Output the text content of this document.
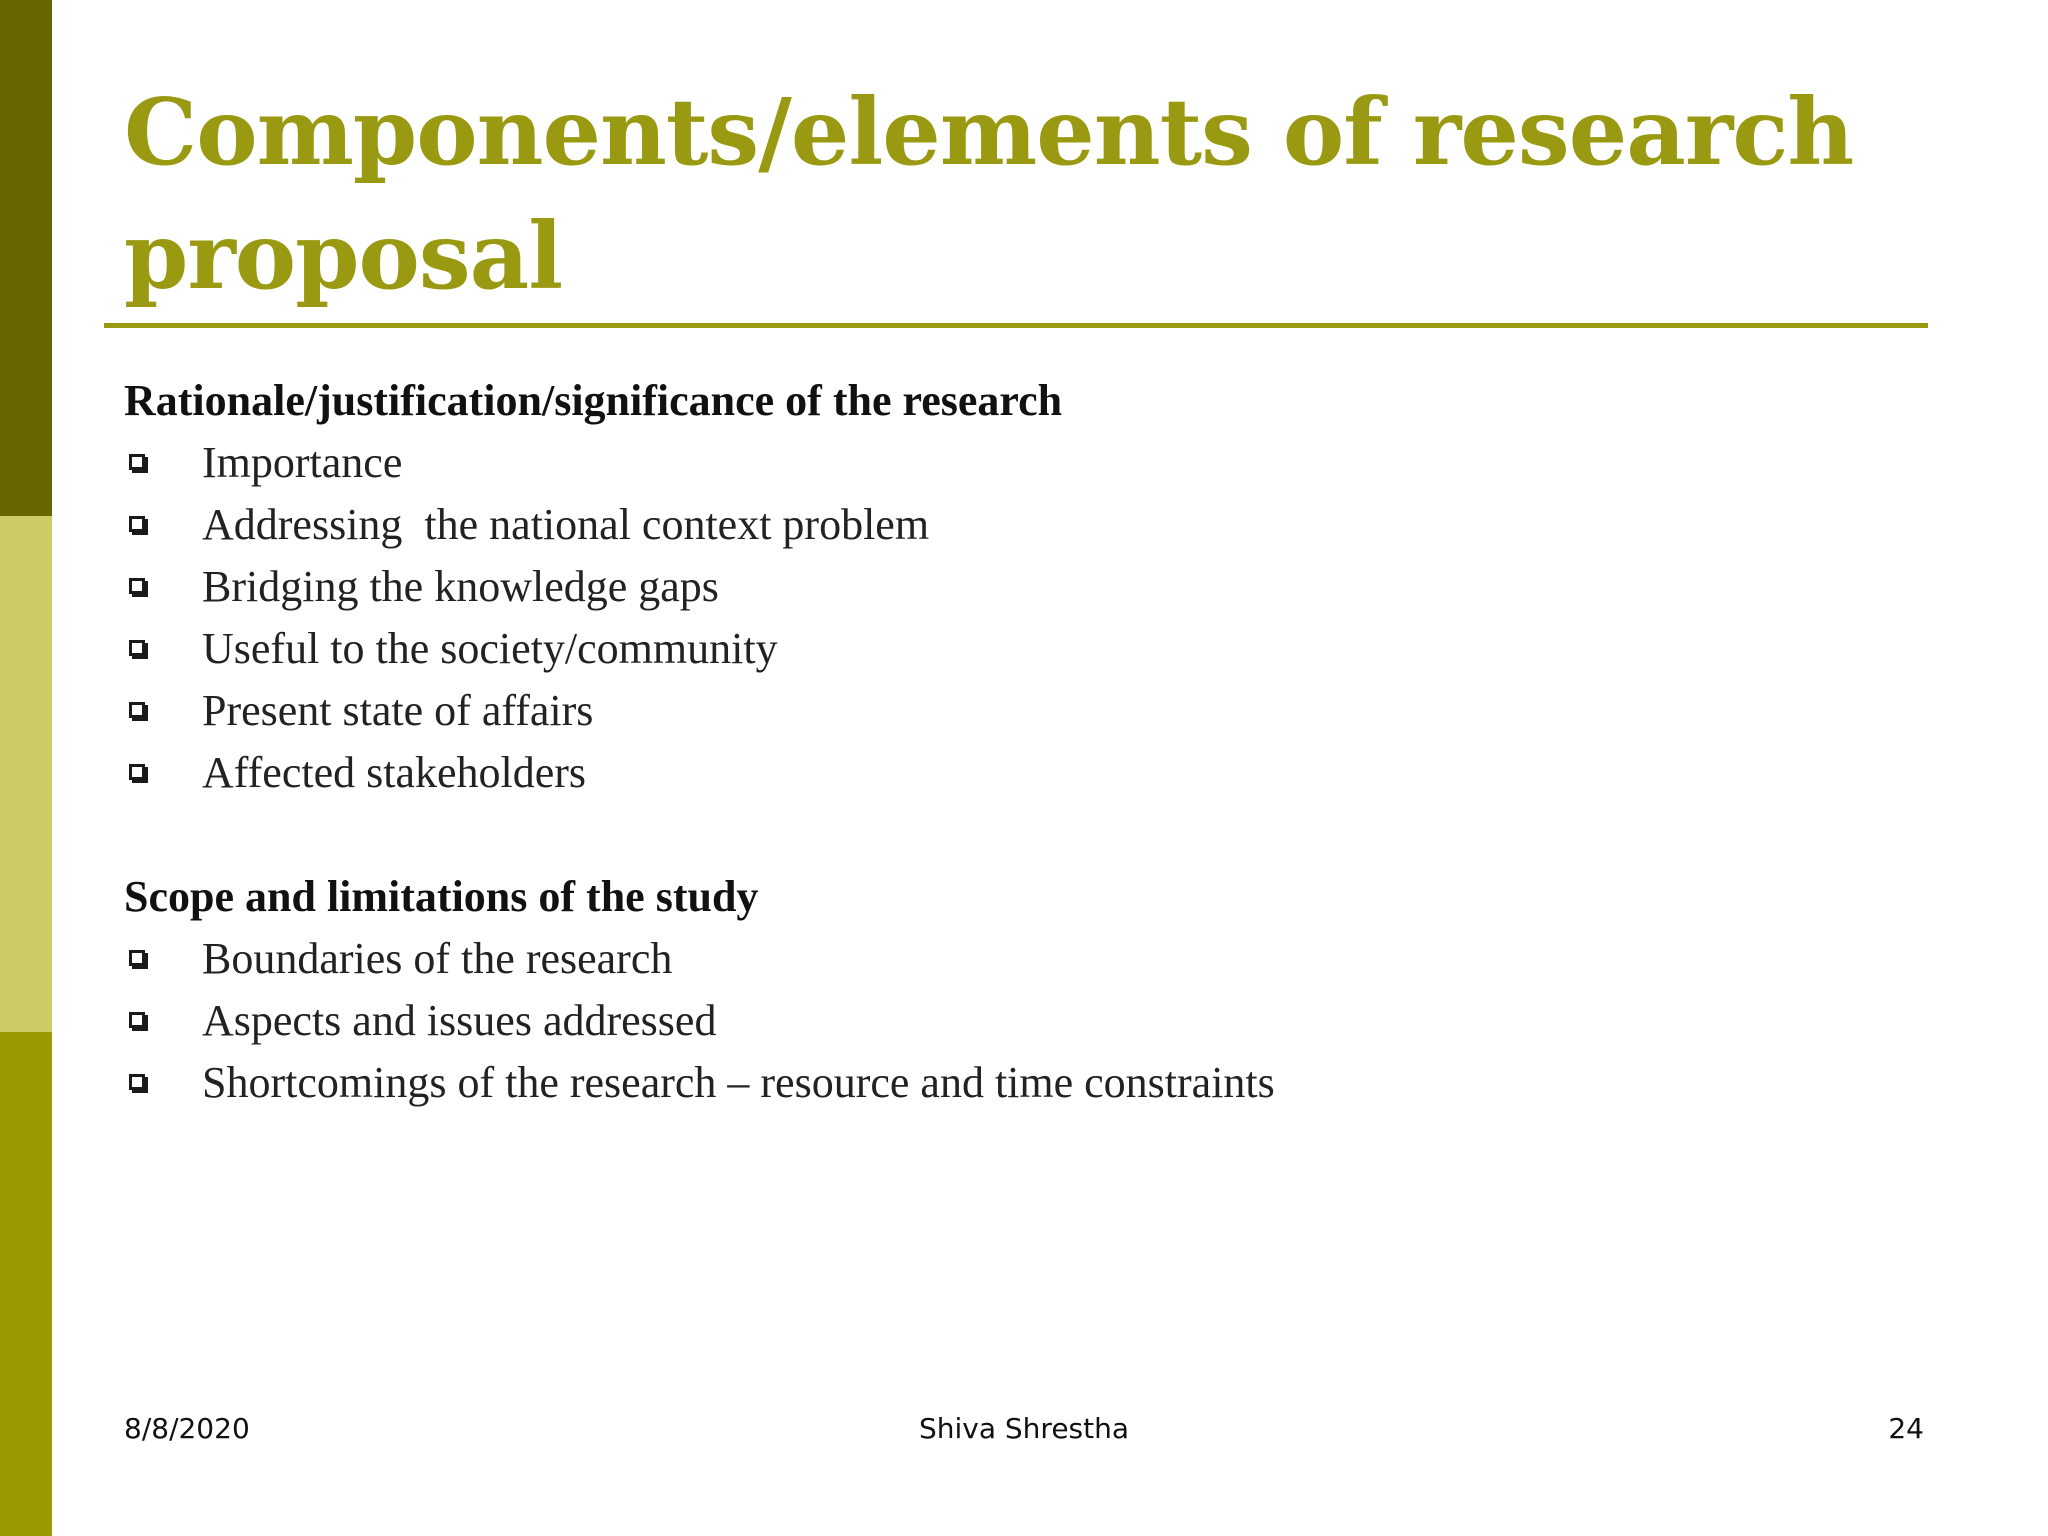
Components/elements of research proposal
Rationale/justification/significance of the research
Importance
Addressing  the national context problem
Bridging the knowledge gaps
Useful to the society/community
Present state of affairs
Affected stakeholders
Scope and limitations of the study
Boundaries of the research
Aspects and issues addressed
Shortcomings of the research – resource and time constraints
Shiva Shrestha
8/8/2020	24
